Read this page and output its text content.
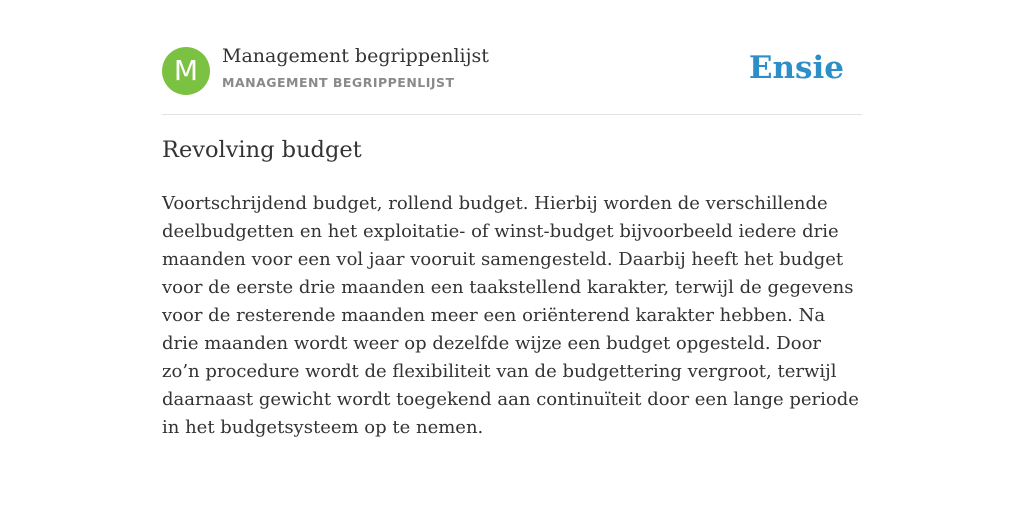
M	Management begrippenlijst
MANAGEMENT BEGRIPPENLIJST	Ensie
Revolving budget

Voortschrijdend budget, rollend budget. Hierbij worden de verschillende deelbudgetten en het exploitatie- of winst-budget bijvoorbeeld iedere drie maanden voor een vol jaar vooruit samengesteld. Daarbij heeft het budget voor de eerste drie maanden een taakstellend karakter, terwijl de gegevens voor de resterende maanden meer een oriënterend karakter hebben. Na drie maanden wordt weer op dezelfde wijze een budget opgesteld. Door zo’n procedure wordt de flexibiliteit van de budgettering vergroot, terwijl daarnaast gewicht wordt toegekend aan continuïteit door een lange periode in het budgetsysteem op te nemen.
